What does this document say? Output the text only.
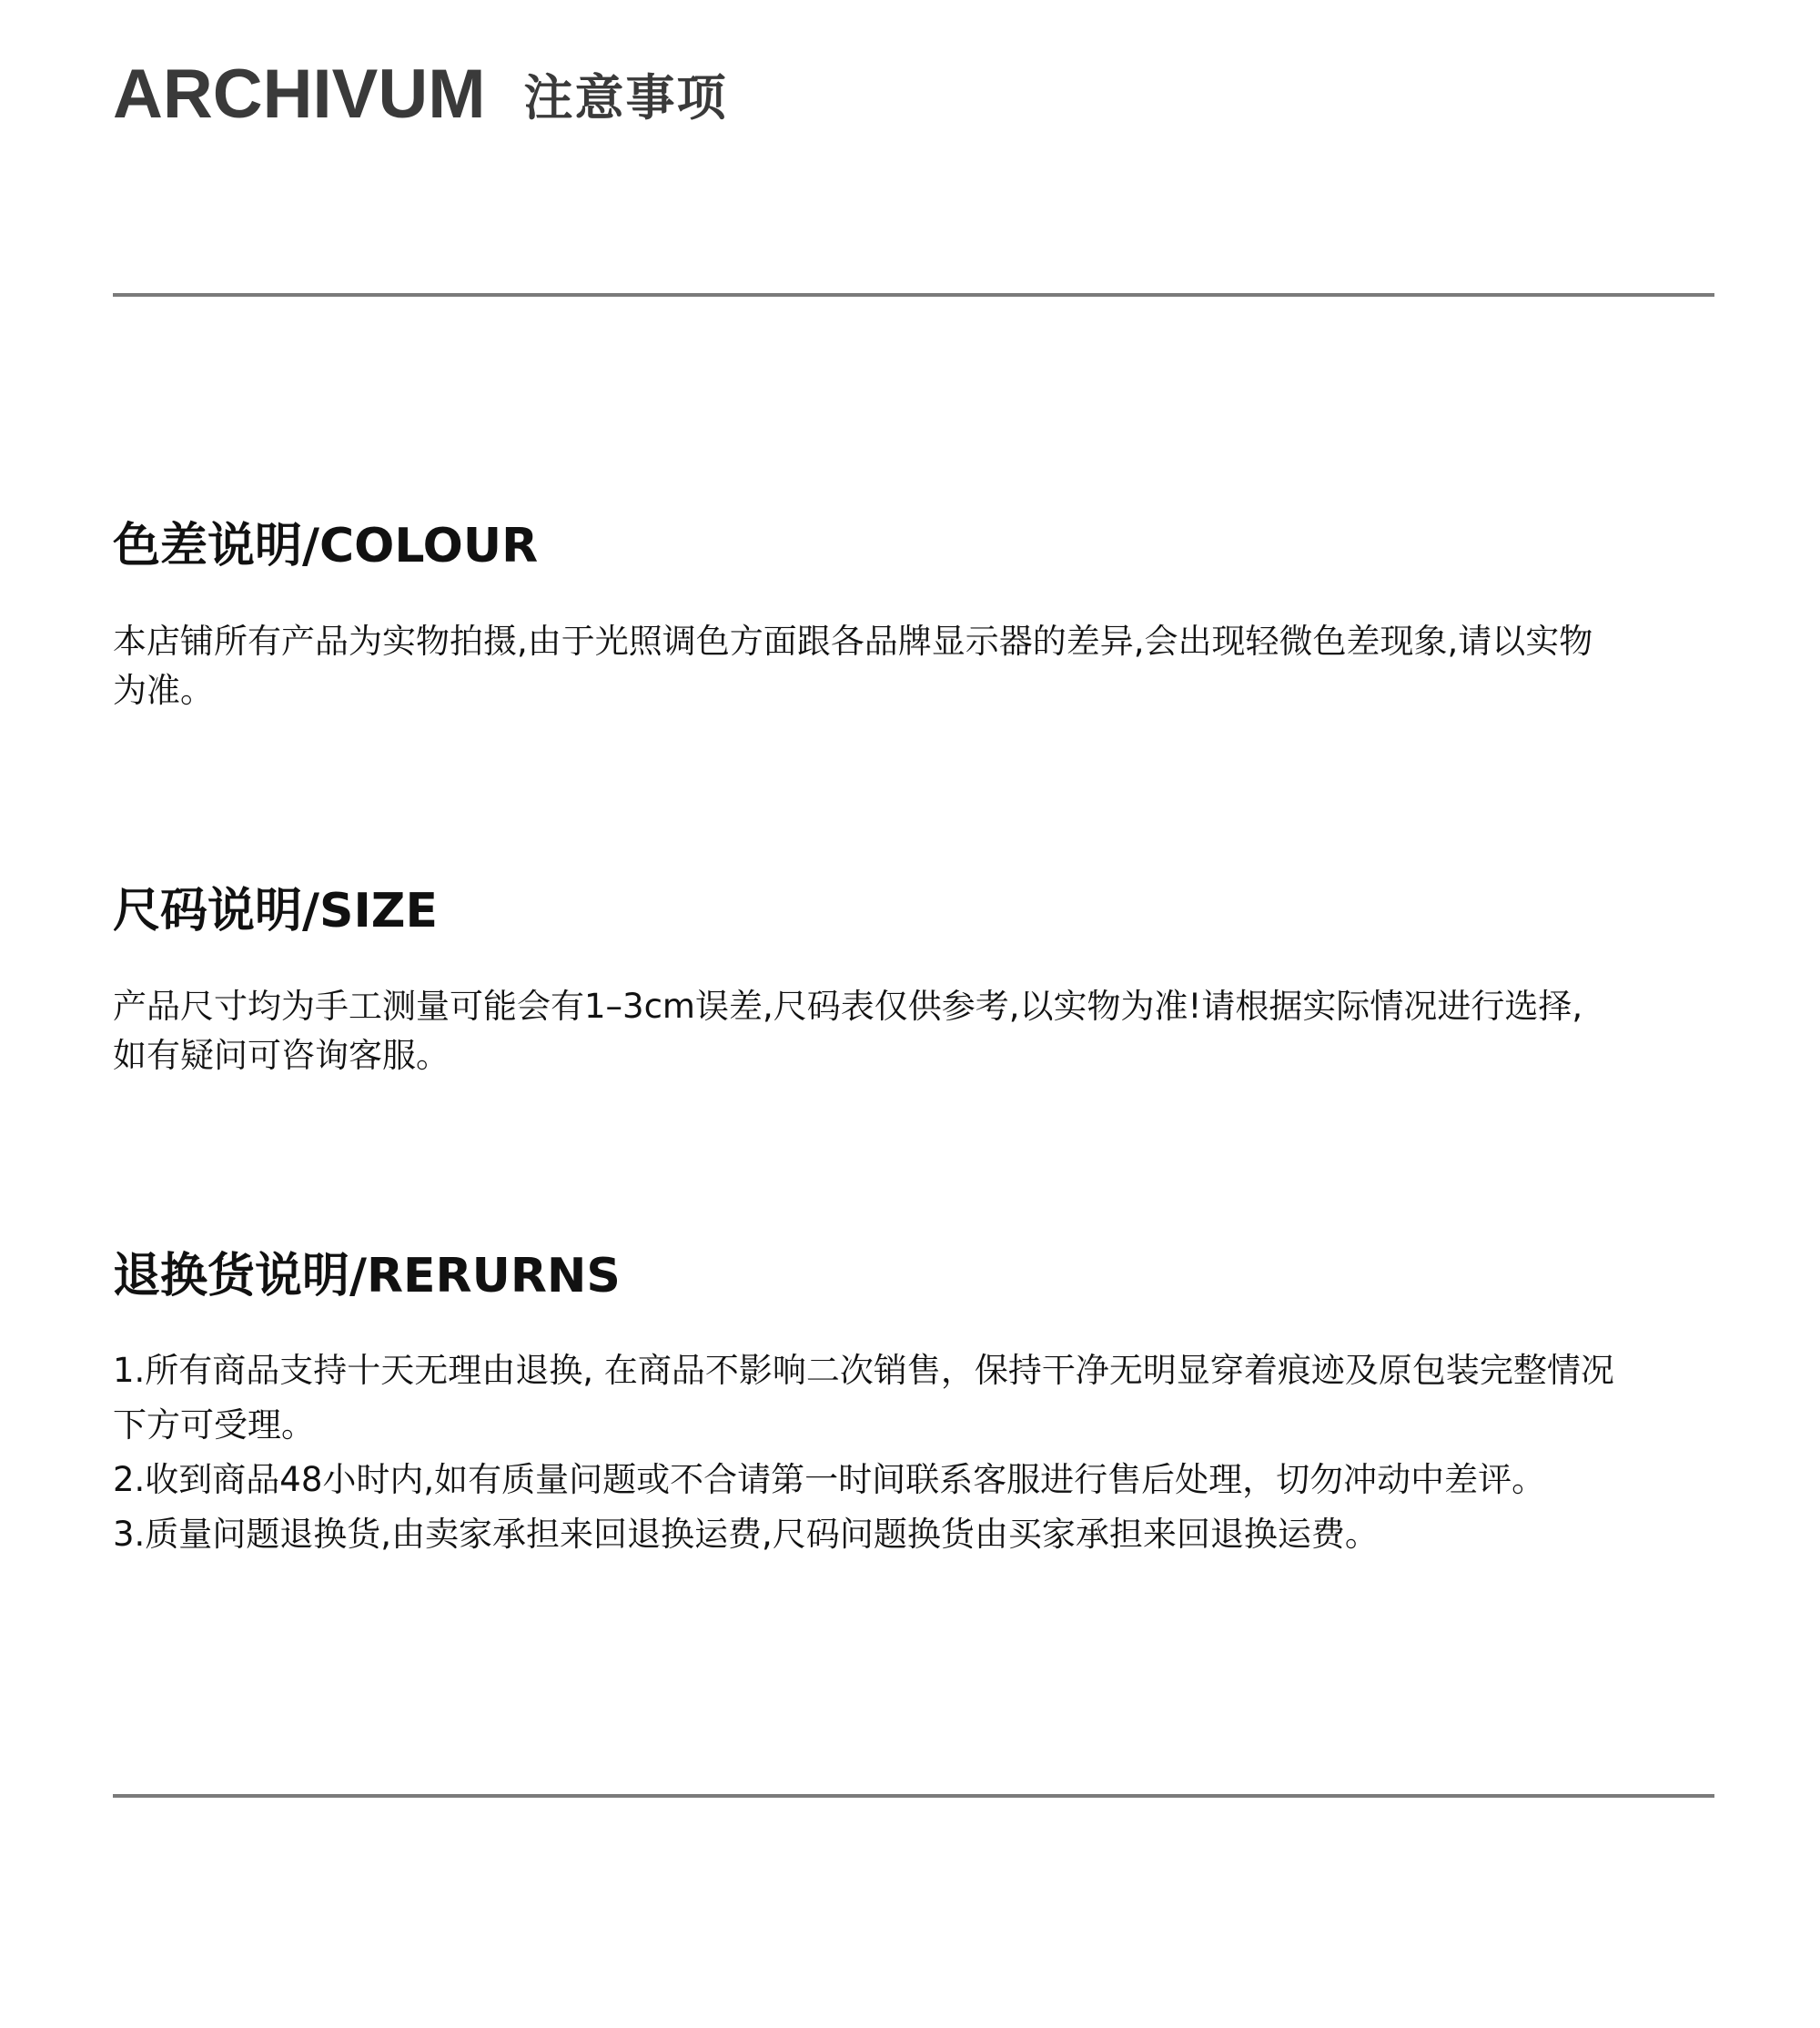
ARCHIVUM 注意事项
色差说明/COLOUR
本店铺所有产品为实物拍摄,由于光照调色方面跟各品牌显示器的差异,会出现轻微色差现象,请以实物
为准。
尺码说明/SIZE
产品尺寸均为手工测量可能会有1–3cm误差,尺码表仅供参考,以实物为准!请根据实际情况进行选择,
如有疑问可咨询客服。
退换货说明/RERURNS
1.所有商品支持十天无理由退换, 在商品不影响二次销售，保持干净无明显穿着痕迹及原包装完整情况
下方可受理。
2.收到商品48小时内,如有质量问题或不合请第一时间联系客服进行售后处理，切勿冲动中差评。
3.质量问题退换货,由卖家承担来回退换运费,尺码问题换货由买家承担来回退换运费。
